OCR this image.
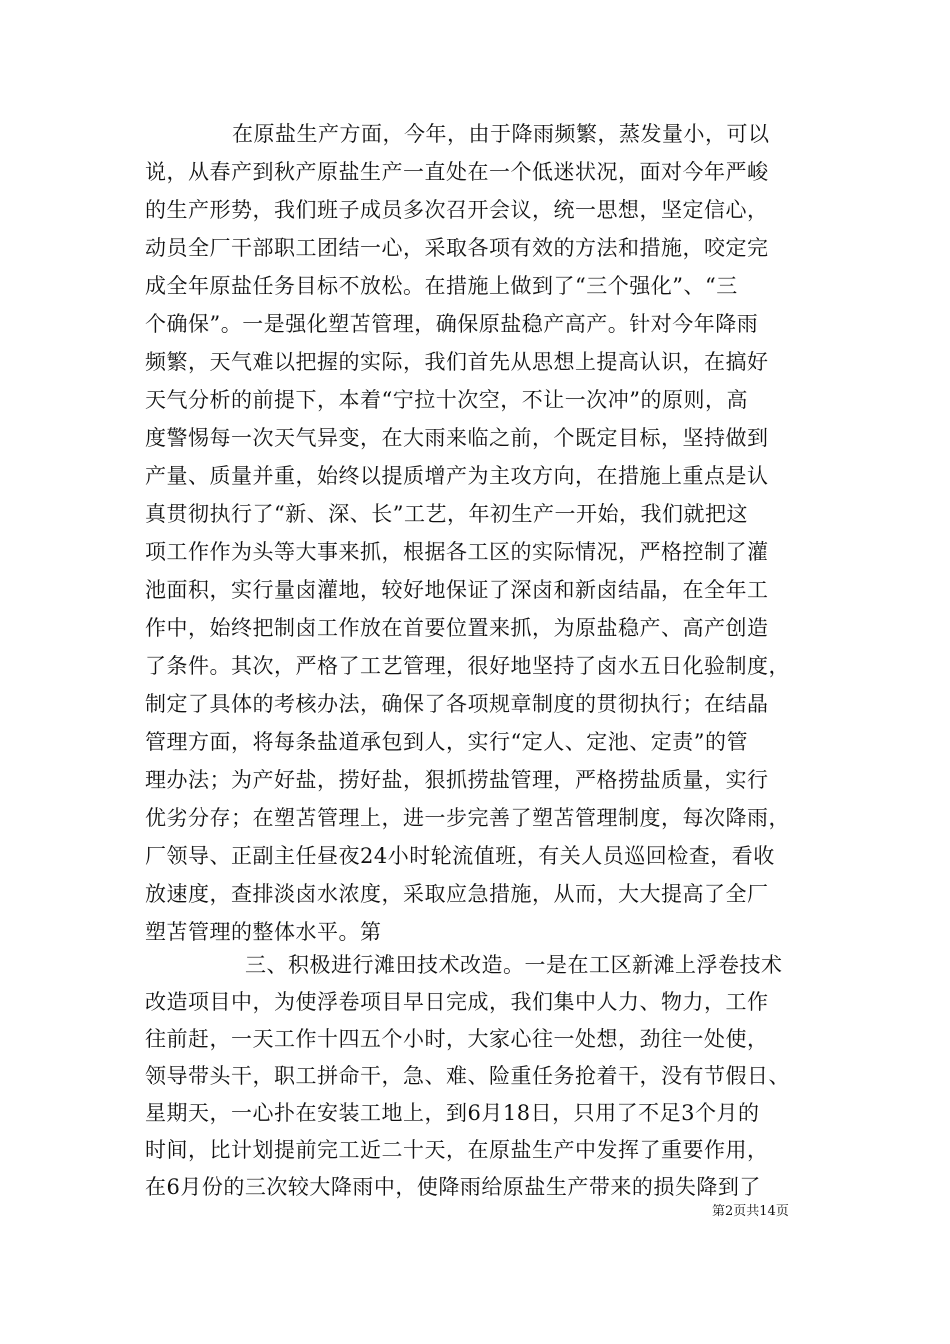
在原盐生产方面，今年，由于降雨频繁，蒸发量小，可以
说，从春产到秋产原盐生产一直处在一个低迷状况，面对今年严峻
的生产形势，我们班子成员多次召开会议，统一思想，坚定信心，
动员全厂干部职工团结一心，采取各项有效的方法和措施，咬定完
成全年原盐任务目标不放松。在措施上做到了“三个强化”、“三
个确保”。一是强化塑苫管理，确保原盐稳产高产。针对今年降雨
频繁，天气难以把握的实际，我们首先从思想上提高认识，在搞好
天气分析的前提下，本着“宁拉十次空，不让一次冲”的原则，高
度警惕每一次天气异变，在大雨来临之前，个既定目标，坚持做到
产量、质量并重，始终以提质增产为主攻方向，在措施上重点是认
真贯彻执行了“新、深、长”工艺，年初生产一开始，我们就把这
项工作作为头等大事来抓，根据各工区的实际情况，严格控制了灌
池面积，实行量卤灌地，较好地保证了深卤和新卤结晶，在全年工
作中，始终把制卤工作放在首要位置来抓，为原盐稳产、高产创造
了条件。其次，严格了工艺管理，很好地坚持了卤水五日化验制度，
制定了具体的考核办法，确保了各项规章制度的贯彻执行；在结晶
管理方面，将每条盐道承包到人，实行“定人、定池、定责”的管
理办法；为产好盐，捞好盐，狠抓捞盐管理，严格捞盐质量，实行
优劣分存；在塑苫管理上，进一步完善了塑苫管理制度，每次降雨，
厂领导、正副主任昼夜24小时轮流值班，有关人员巡回检查，看收
放速度，查排淡卤水浓度，采取应急措施，从而，大大提高了全厂
塑苫管理的整体水平。第
三、积极进行滩田技术改造。一是在工区新滩上浮卷技术
改造项目中，为使浮卷项目早日完成，我们集中人力、物力，工作
往前赶，一天工作十四五个小时，大家心往一处想，劲往一处使，
领导带头干，职工拼命干，急、难、险重任务抢着干，没有节假日、
星期天，一心扑在安装工地上，到6月18日，只用了不足3个月的
时间，比计划提前完工近二十天，在原盐生产中发挥了重要作用，
在6月份的三次较大降雨中，使降雨给原盐生产带来的损失降到了
第2页共14页
